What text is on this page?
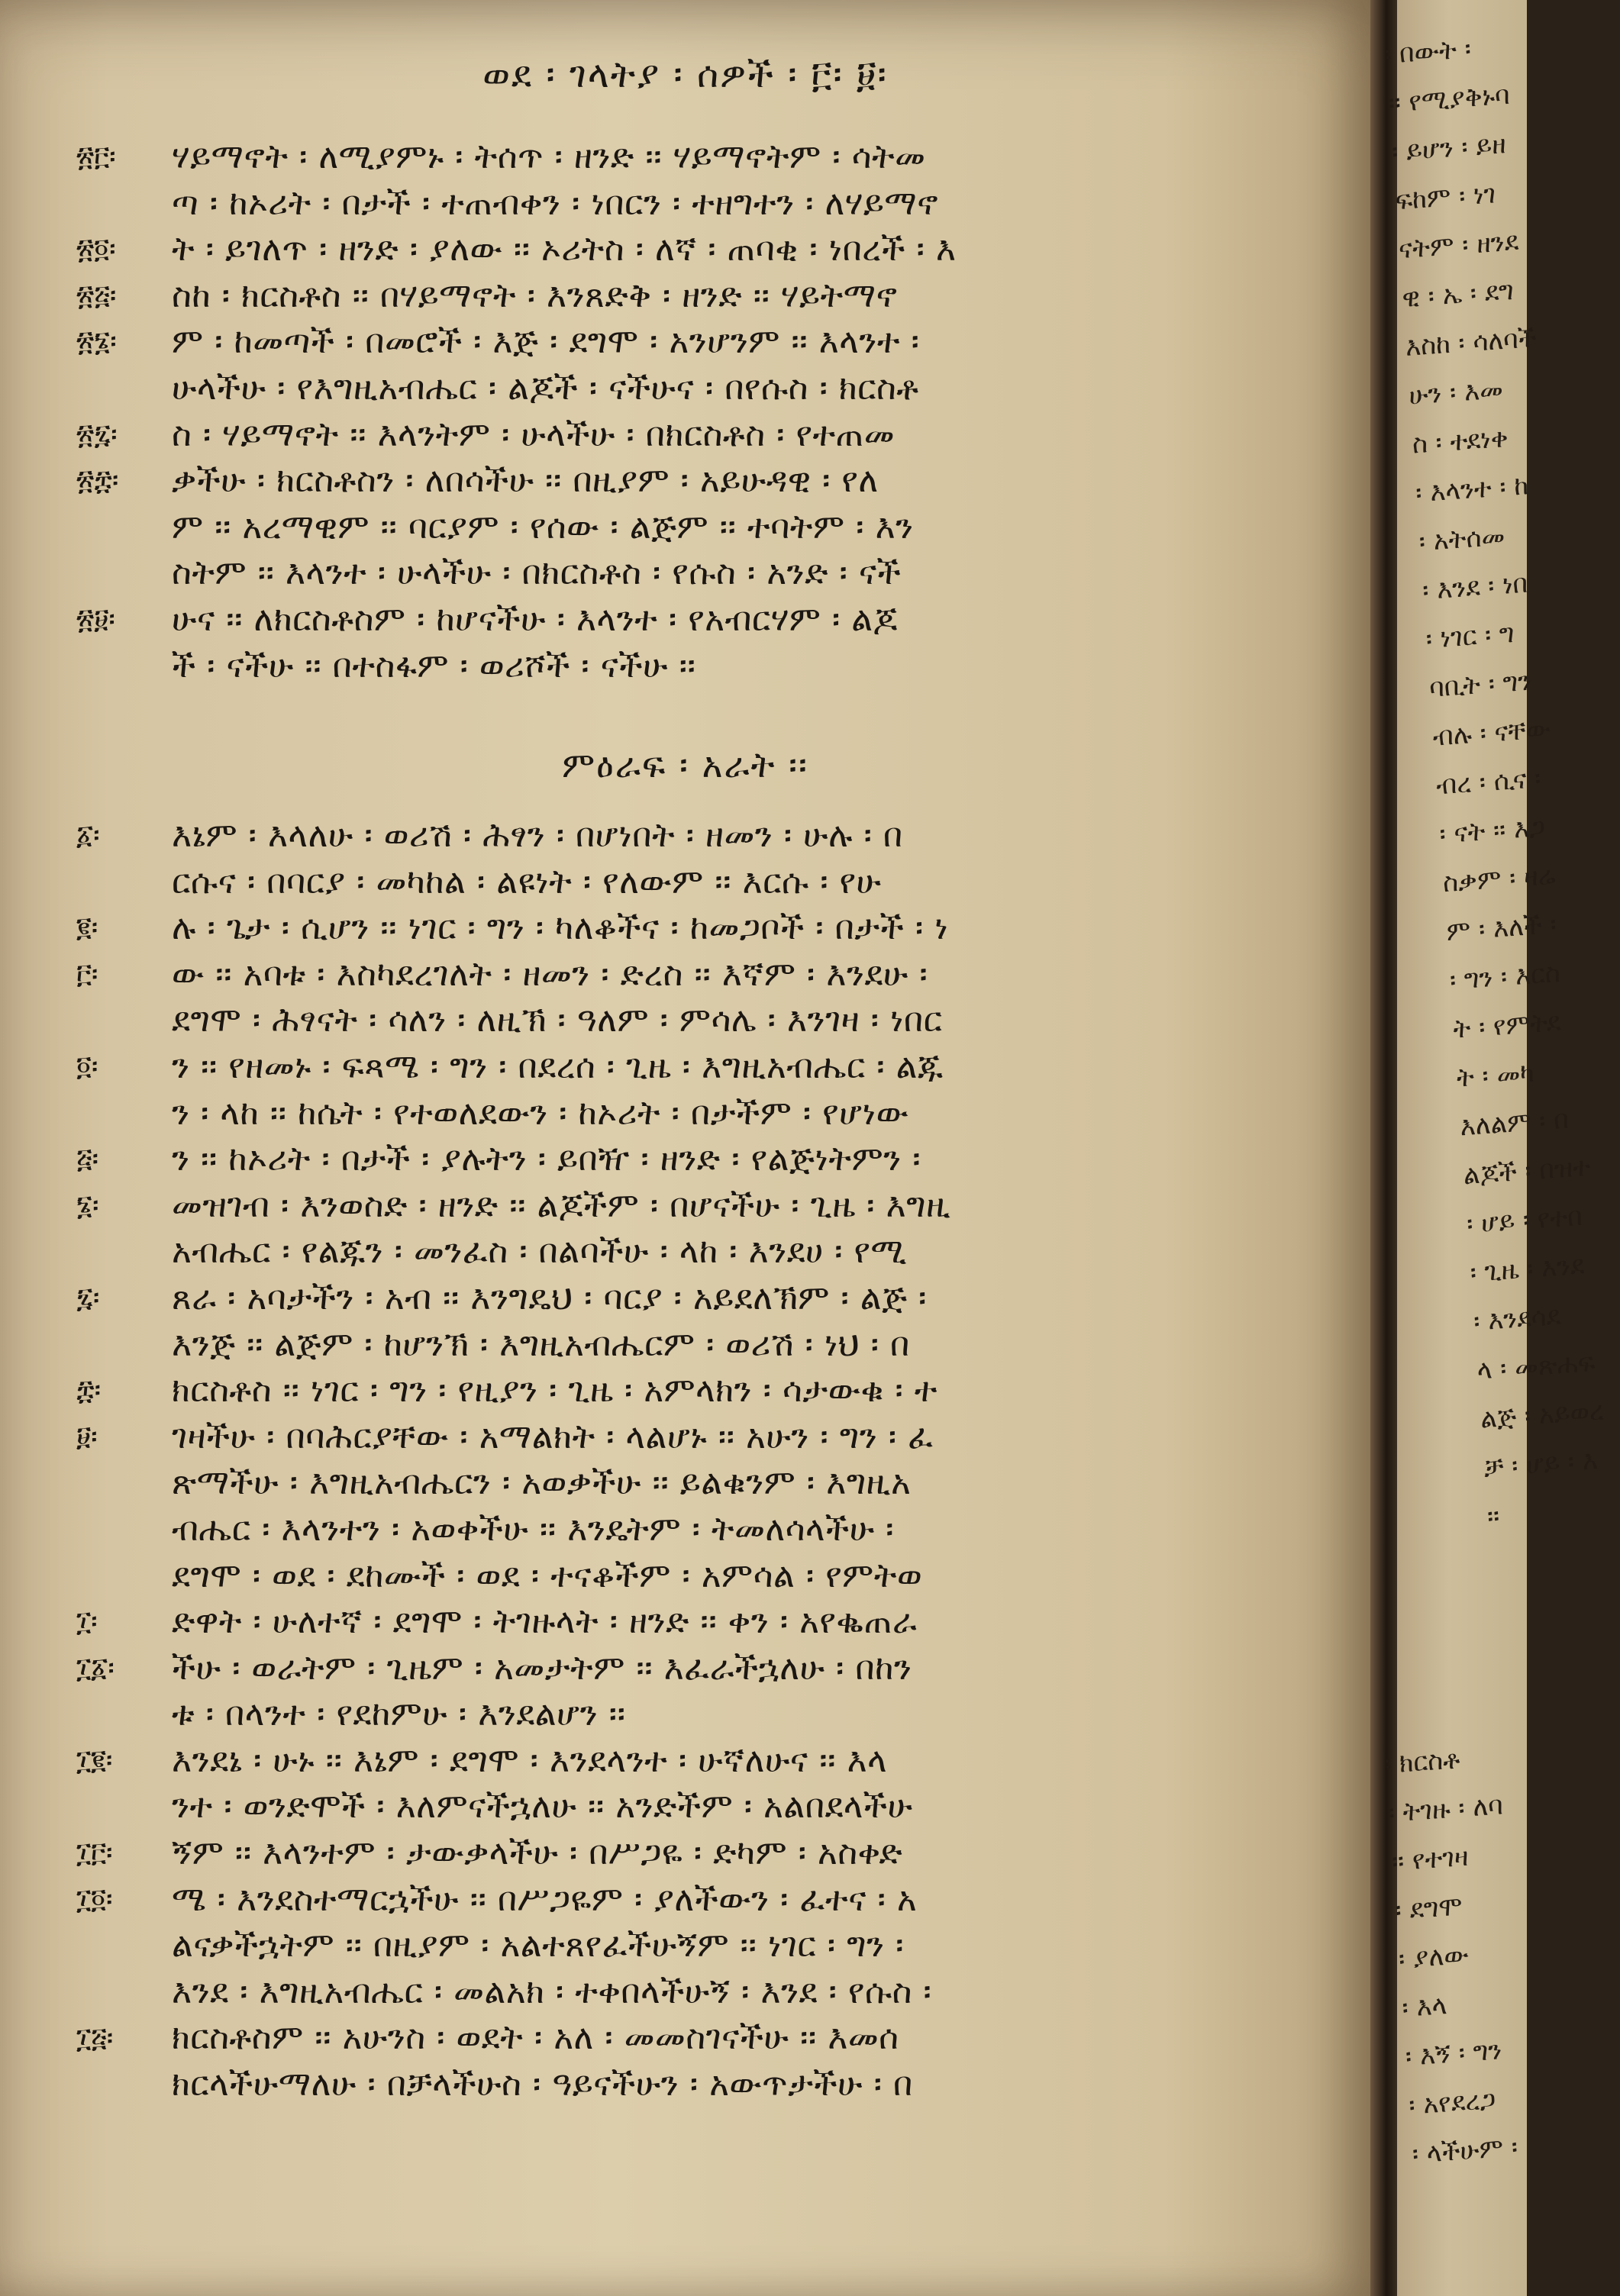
ወደ ፡ ገላትያ ፡ ሰዎች ፡ ፫፡ ፱፡
፳፫፡
፳፬፡
፳፭፡
፳፮፡
፳፯፡
፳፰፡
፳፱፡
ሃይማኖት ፡ ለሚያምኑ ፡ ትሰጥ ፡ ዘንድ ፡፡ ሃይማኖትም ፡ ሳትመ
ጣ ፡ ከኦሪት ፡ በታች ፡ ተጠብቀን ፡ ነበርን ፡ ተዘግተን ፡ ለሃይማኖ
ት ፡ ይገለጥ ፡ ዘንድ ፡ ያለው ፡፡ ኦሪትስ ፡ ለኛ ፡ ጠባቂ ፡ ነበረች ፡ እ
ስከ ፡ ክርስቶስ ፡፡ በሃይማኖት ፡ እንጸድቅ ፡ ዘንድ ፡፡ ሃይትማኖ
ም ፡ ከመጣች ፡ በመሮች ፡ እጅ ፡ ደግሞ ፡ አንሆንም ፡፡ እላንተ ፡
ሁላችሁ ፡ የእግዚአብሔር ፡ ልጆች ፡ ናችሁና ፡ በየሱስ ፡ ክርስቶ
ስ ፡ ሃይማኖት ፡፡ እላንትም ፡ ሁላችሁ ፡ በክርስቶስ ፡ የተጠመ
ቃችሁ ፡ ክርስቶስን ፡ ለበሳችሁ ፡፡ በዚያም ፡ አይሁዳዊ ፡ የለ
ም ፡፡ አረማዊም ፡፡ ባርያም ፡ የሰው ፡ ልጅም ፡፡ ተባትም ፡ እን
ስትም ፡፡ እላንተ ፡ ሁላችሁ ፡ በክርስቶስ ፡ የሱስ ፡ አንድ ፡ ናች
ሁና ፡፡ ለክርስቶስም ፡ ከሆናችሁ ፡ እላንተ ፡ የአብርሃም ፡ ልጆ
ች ፡ ናችሁ ፡፡ በተስፋም ፡ ወሪሾች ፡ ናችሁ ፡፡
ምዕራፍ ፡ አራት ፡፡
፩፡
፪፡
፫፡
፬፡
፭፡
፮፡
፯፡
፰፡
፱፡
፲፡
፲፩፡
፲፪፡
፲፫፡
፲፬፡
፲፭፡
እኔም ፡ እላለሁ ፡ ወሪሽ ፡ ሕፃን ፡ በሆነበት ፡ ዘመን ፡ ሁሉ ፡ በ
ርሱና ፡ በባርያ ፡ መካከል ፡ ልዩነት ፡ የለውም ፡፡ እርሱ ፡ የሁ
ሉ ፡ ጌታ ፡ ሲሆን ፡፡ ነገር ፡ ግን ፡ ካለቆችና ፡ ከመጋቦች ፡ በታች ፡ ነ
ው ፡፡ አባቱ ፡ እስካደረገለት ፡ ዘመን ፡ ድረስ ፡፡ እኛም ፡ እንደሁ ፡
ደግሞ ፡ ሕፃናት ፡ ሳለን ፡ ለዚኽ ፡ ዓለም ፡ ምሳሌ ፡ እንገዛ ፡ ነበር
ን ፡፡ የዘመኑ ፡ ፍጻሜ ፡ ግን ፡ በደረሰ ፡ ጊዜ ፡ እግዚአብሔር ፡ ልጁ
ን ፡ ላከ ፡፡ ከሴት ፡ የተወለደውን ፡ ከኦሪት ፡ በታችም ፡ የሆነው
ን ፡፡ ከኦሪት ፡ በታች ፡ ያሉትን ፡ ይበዥ ፡ ዘንድ ፡ የልጅነትምን ፡
መዝገብ ፡ እንወስድ ፡ ዘንድ ፡፡ ልጆችም ፡ በሆናችሁ ፡ ጊዜ ፡ እግዚ
አብሔር ፡ የልጁን ፡ መንፈስ ፡ በልባችሁ ፡ ላከ ፡ እንደሀ ፡ የሚ
ጸራ ፡ አባታችን ፡ አብ ፡፡ እንግዴህ ፡ ባርያ ፡ አይደለኽም ፡ ልጅ ፡
እንጅ ፡፡ ልጅም ፡ ከሆንኽ ፡ እግዚአብሔርም ፡ ወሪሽ ፡ ነህ ፡ በ
ክርስቶስ ፡፡ ነገር ፡ ግን ፡ የዚያን ፡ ጊዜ ፡ አምላክን ፡ ሳታውቁ ፡ ተ
ገዛችሁ ፡ በባሕርያቸው ፡ አማልክት ፡ ላልሆኑ ፡፡ አሁን ፡ ግን ፡ ፈ
ጽማችሁ ፡ እግዚአብሔርን ፡ አወቃችሁ ፡፡ ይልቁንም ፡ እግዚአ
ብሔር ፡ እላንተን ፡ አወቀችሁ ፡፡ እንዴትም ፡ ትመለሳላችሁ ፡
ደግሞ ፡ ወደ ፡ ደከሙች ፡ ወደ ፡ ተናቆችም ፡ አምሳል ፡ የምትወ
ድዋት ፡ ሁለተኛ ፡ ደግሞ ፡ ትገዙላት ፡ ዘንድ ፡፡ ቀን ፡ አየቈጠራ
ችሁ ፡ ወራትም ፡ ጊዜም ፡ አመታትም ፡፡ እፈራችኋለሁ ፡ በከን
ቱ ፡ በላንተ ፡ የደከምሁ ፡ እንደልሆን ፡፡
እንደኔ ፡ ሁኑ ፡፡ እኔም ፡ ደግሞ ፡ እንደላንተ ፡ ሁኛለሁና ፡፡ እላ
ንተ ፡ ወንድሞች ፡ እለምናችኋለሁ ፡፡ አንድችም ፡ አልበደላችሁ
ኝም ፡፡ እላንተም ፡ ታውቃላችሁ ፡ በሥጋዬ ፡ ድካም ፡ አስቀድ
ሜ ፡ እንደስተማርኋችሁ ፡፡ በሥጋዬም ፡ ያለችውን ፡ ፈተና ፡ አ
ልናቃችኋትም ፡፡ በዚያም ፡ አልተጸየፈችሁኝም ፡፡ ነገር ፡ ግን ፡
እንደ ፡ እግዚአብሔር ፡ መልአክ ፡ ተቀበላችሁኝ ፡ እንደ ፡ የሱስ ፡
ክርስቶስም ፡፡ አሁንስ ፡ ወደት ፡ አለ ፡ መመስገናችሁ ፡፡ እመሰ
ክርላችሁማለሁ ፡ በቻላችሁስ ፡ ዓይናችሁን ፡ አውጥታችሁ ፡ በ
፡ በውት ፡
፡፡ የሚያቅኑባ
፡ ይሆን ፡ ይዘ
ፍከም ፡ ነገ
ናትም ፡ ዘንደ
ዊ ፡ ኤ ፡ ደግ
እስከ ፡ ሳለባች
ሁን ፡ እመ
ስ ፡ ተደነቀ
፡ እላንተ ፡ ከ
፡ አትሰመ
፡ እንደ ፡ ነበ
፡ ነገር ፡ ግ
ባቢት ፡ ግን
ብሉ ፡ ናቸው
ብረ ፡ ሲና ፡
፡ ናት ፡፡ እጋ
ስቃም ፡ ዛሬ
ም ፡ እለች ፡
፡ ግን ፡ እርስ
ት ፡ የምትደ
ት ፡ መካ
እለልም ፡ በ
ልጆች ፡ በዝተ
፡ ሆይ ፡ የተበ
፡ ጊዜ ፡ እንደ
፡ እንደሳደ
ላ ፡ መጽሐፍ
ልጅ ፡ አይወረ
ቻ ፡ ሆይ ፡ እ
፡፡
፡ ክርስቶ
፡ ትገዙ ፡ ለባ
፡፡ የተገዛ
፡ ደግሞ
፡ ያለው
፡ እላ
፡ እኝ ፡ ግን
፡ አየደረጋ
፡ ላችሁም ፡
